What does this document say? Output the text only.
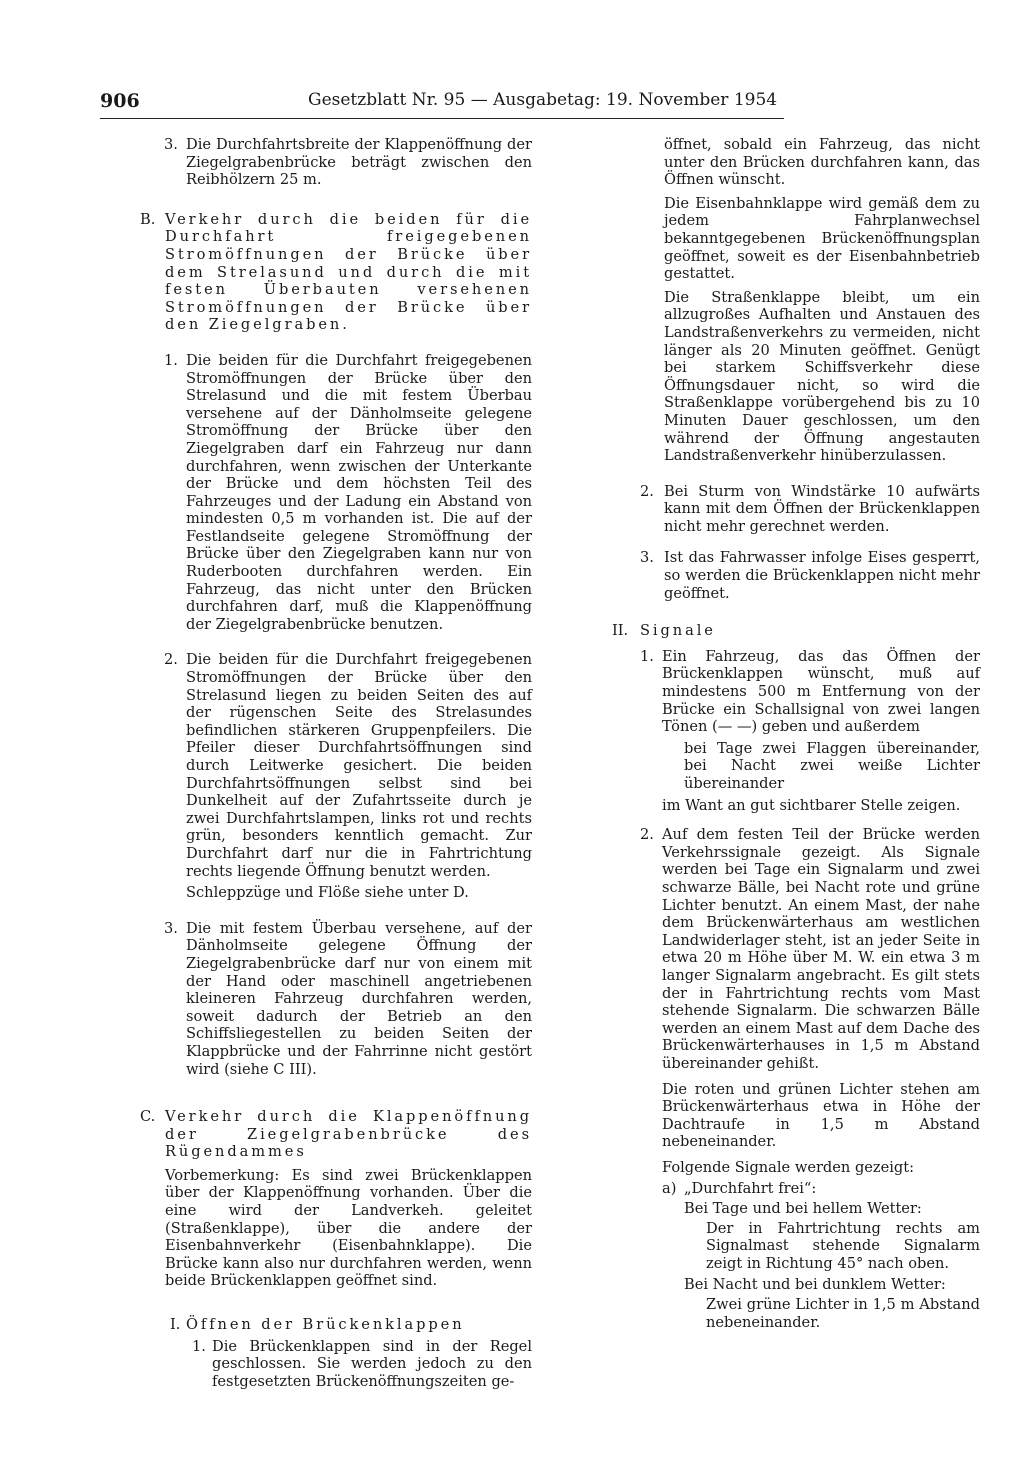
906	Gesetzblatt Nr. 95 — Ausgabetag: 19. November 1954
3. Die Durchfahrtsbreite der Klappenöffnung der Ziegelgrabenbrücke beträgt zwischen den Reibhölzern 25 m.

B. Verkehr durch die beiden für die Durchfahrt freigegebenen Stromöffnungen der Brücke über dem Strelasund und durch die mit festen Überbauten versehenen Stromöffnungen der Brücke über den Ziegelgraben.

1. Die beiden für die Durchfahrt freigegebenen Stromöffnungen der Brücke über den Strelasund und die mit festem Überbau versehene auf der Dänholmseite gelegene Stromöffnung der Brücke über den Ziegelgraben darf ein Fahrzeug nur dann durchfahren, wenn zwischen der Unterkante der Brücke und dem höchsten Teil des Fahrzeuges und der Ladung ein Abstand von mindesten 0,5 m vorhanden ist. Die auf der Festlandseite gelegene Stromöffnung der Brücke über den Ziegelgraben kann nur von Ruderbooten durchfahren werden. Ein Fahrzeug, das nicht unter den Brücken durchfahren darf, muß die Klappenöffnung der Ziegelgrabenbrücke benutzen.

2. Die beiden für die Durchfahrt freigegebenen Stromöffnungen der Brücke über den Strelasund liegen zu beiden Seiten des auf der rügenschen Seite des Strelasundes befindlichen stärkeren Gruppenpfeilers. Die Pfeiler dieser Durchfahrtsöffnungen sind durch Leitwerke gesichert. Die beiden Durchfahrtsöffnungen selbst sind bei Dunkelheit auf der Zufahrtsseite durch je zwei Durchfahrtslampen, links rot und rechts grün, besonders kenntlich gemacht. Zur Durchfahrt darf nur die in Fahrtrichtung rechts liegende Öffnung benutzt werden.

Schleppzüge und Flöße siehe unter D.

3. Die mit festem Überbau versehene, auf der Dänholmseite gelegene Öffnung der Ziegelgrabenbrücke darf nur von einem mit der Hand oder maschinell angetriebenen kleineren Fahrzeug durchfahren werden, soweit dadurch der Betrieb an den Schiffsliegestellen zu beiden Seiten der Klappbrücke und der Fahrrinne nicht gestört wird (siehe C III).

C. Verkehr durch die Klappenöffnung der Ziegelgrabenbrücke des Rügendammes

Vorbemerkung: Es sind zwei Brückenklappen über der Klappenöffnung vorhanden. Über die eine wird der Landverkeh. geleitet (Straßenklappe), über die andere der Eisenbahnverkehr (Eisenbahnklappe). Die Brücke kann also nur durchfahren werden, wenn beide Brückenklappen geöffnet sind.

I. Öffnen der Brückenklappen

1. Die Brückenklappen sind in der Regel geschlossen. Sie werden jedoch zu den festgesetzten Brückenöffnungszeiten ge-

öffnet, sobald ein Fahrzeug, das nicht unter den Brücken durchfahren kann, das Öffnen wünscht.

Die Eisenbahnklappe wird gemäß dem zu jedem Fahrplanwechsel bekanntgegebenen Brückenöffnungsplan geöffnet, soweit es der Eisenbahnbetrieb gestattet.

Die Straßenklappe bleibt, um ein allzugroßes Aufhalten und Anstauen des Landstraßenverkehrs zu vermeiden, nicht länger als 20 Minuten geöffnet. Genügt bei starkem Schiffsverkehr diese Öffnungsdauer nicht, so wird die Straßenklappe vorübergehend bis zu 10 Minuten Dauer geschlossen, um den während der Öffnung angestauten Landstraßenverkehr hinüberzulassen.

2. Bei Sturm von Windstärke 10 aufwärts kann mit dem Öffnen der Brückenklappen nicht mehr gerechnet werden.

3. Ist das Fahrwasser infolge Eises gesperrt, so werden die Brückenklappen nicht mehr geöffnet.

II. Signale

1. Ein Fahrzeug, das das Öffnen der Brückenklappen wünscht, muß auf mindestens 500 m Entfernung von der Brücke ein Schallsignal von zwei langen Tönen (— —) geben und außerdem

bei Tage zwei Flaggen übereinander, bei Nacht zwei weiße Lichter übereinander

im Want an gut sichtbarer Stelle zeigen.

2. Auf dem festen Teil der Brücke werden Verkehrssignale gezeigt. Als Signale werden bei Tage ein Signalarm und zwei schwarze Bälle, bei Nacht rote und grüne Lichter benutzt. An einem Mast, der nahe dem Brückenwärterhaus am westlichen Landwiderlager steht, ist an jeder Seite in etwa 20 m Höhe über M. W. ein etwa 3 m langer Signalarm angebracht. Es gilt stets der in Fahrtrichtung rechts vom Mast stehende Signalarm. Die schwarzen Bälle werden an einem Mast auf dem Dache des Brückenwärterhauses in 1,5 m Abstand übereinander gehißt.

Die roten und grünen Lichter stehen am Brückenwärterhaus etwa in Höhe der Dachtraufe in 1,5 m Abstand nebeneinander.

Folgende Signale werden gezeigt:

a) „Durchfahrt frei“:

Bei Tage und bei hellem Wetter:

Der in Fahrtrichtung rechts am Signalmast stehende Signalarm zeigt in Richtung 45° nach oben.

Bei Nacht und bei dunklem Wetter:

Zwei grüne Lichter in 1,5 m Abstand nebeneinander.
